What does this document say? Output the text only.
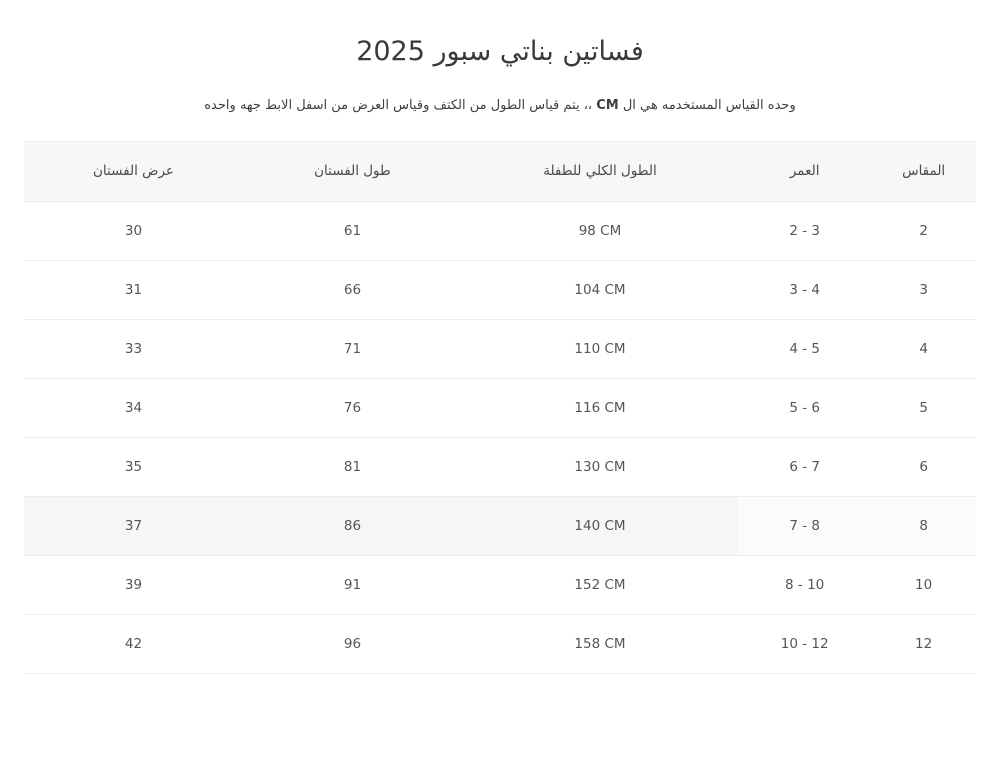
فساتين بناتي سبور 2025

وحده القياس المستخدمه هي ال CM ،، يتم قياس الطول من الكتف وقياس العرض من اسفل الابط جهه واحده

المقاس	العمر	الطول الكلي للطفلة	طول الفستان	عرض الفستان
2	2 - 3	98 CM	61	30
3	3 - 4	104 CM	66	31
4	4 - 5	110 CM	71	33
5	5 - 6	116 CM	76	34
6	6 - 7	130 CM	81	35
8	7 - 8	140 CM	86	37
10	8 - 10	152 CM	91	39
12	10 - 12	158 CM	96	42
